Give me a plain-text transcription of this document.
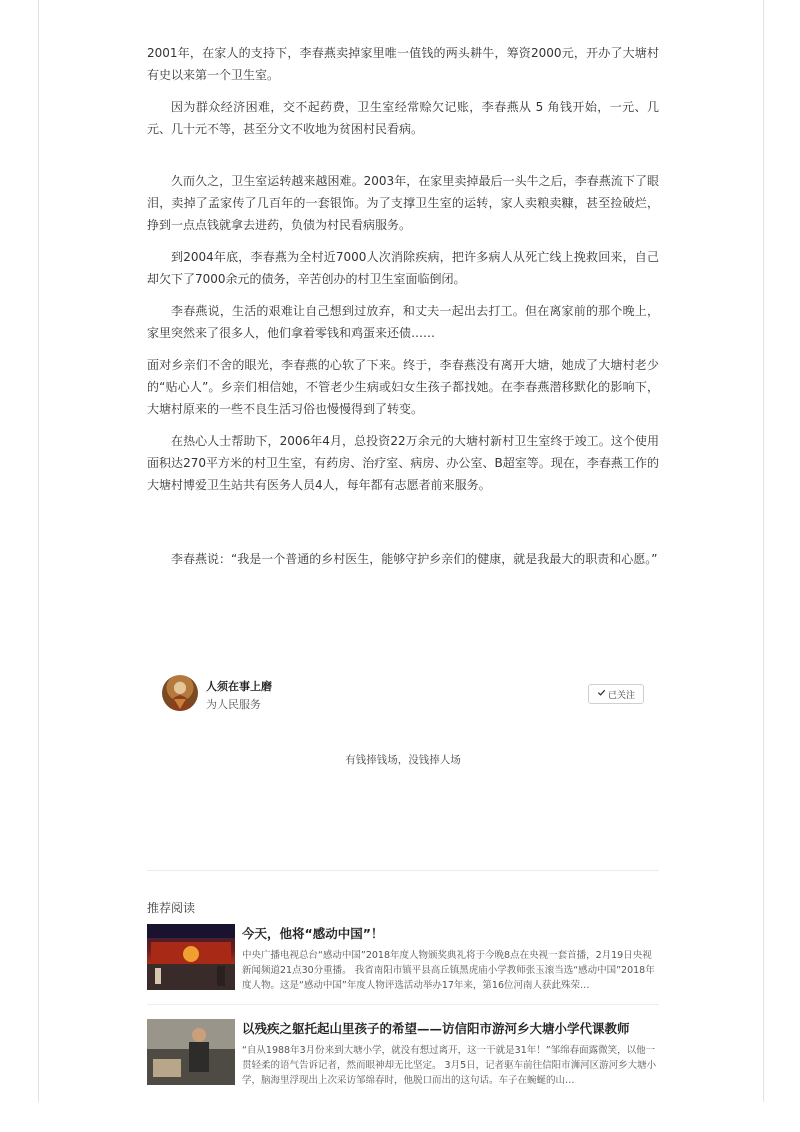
2001年，在家人的支持下，李春燕卖掉家里唯一值钱的两头耕牛，筹资2000元，开办了大塘村有史以来第一个卫生室。

因为群众经济困难，交不起药费，卫生室经常赊欠记账，李春燕从 5 角钱开始，一元、几元、几十元不等，甚至分文不收地为贫困村民看病。

久而久之，卫生室运转越来越困难。2003年，在家里卖掉最后一头牛之后，李春燕流下了眼泪，卖掉了孟家传了几百年的一套银饰。为了支撑卫生室的运转，家人卖粮卖糠，甚至捡破烂，挣到一点点钱就拿去进药，负债为村民看病服务。

到2004年底，李春燕为全村近7000人次消除疾病，把许多病人从死亡线上挽救回来，自己却欠下了7000余元的债务，辛苦创办的村卫生室面临倒闭。

李春燕说，生活的艰难让自己想到过放弃，和丈夫一起出去打工。但在离家前的那个晚上，家里突然来了很多人，他们拿着零钱和鸡蛋来还债……

面对乡亲们不舍的眼光，李春燕的心软了下来。终于，李春燕没有离开大塘，她成了大塘村老少的“贴心人”。乡亲们相信她，不管老少生病或妇女生孩子都找她。在李春燕潜移默化的影响下，大塘村原来的一些不良生活习俗也慢慢得到了转变。

在热心人士帮助下，2006年4月，总投资22万余元的大塘村新村卫生室终于竣工。这个使用面积达270平方米的村卫生室，有药房、治疗室、病房、办公室、B超室等。现在，李春燕工作的大塘村博爱卫生站共有医务人员4人，每年都有志愿者前来服务。

李春燕说：“我是一个普通的乡村医生，能够守护乡亲们的健康，就是我最大的职责和心愿。”

人须在事上磨
为人民服务
已关注
有钱捧钱场，没钱捧人场
推荐阅读
今天，他将“感动中国”！
中央广播电视总台“感动中国”2018年度人物颁奖典礼将于今晚8点在央视一套首播，2月19日央视新闻频道21点30分重播。 我省南阳市镇平县高丘镇黑虎庙小学教师张玉滚当选“感动中国”2018年度人物。这是“感动中国”年度人物评选活动举办17年来，第16位河南人获此殊荣…
以残疾之躯托起山里孩子的希望——访信阳市游河乡大塘小学代课教师
“自从1988年3月份来到大塘小学，就没有想过离开，这一干就是31年！”邹绵春面露微笑，以他一贯轻柔的语气告诉记者，然而眼神却无比坚定。 3月5日，记者驱车前往信阳市浉河区游河乡大塘小学，脑海里浮现出上次采访邹绵春时，他脱口而出的这句话。车子在蜿蜒的山…
